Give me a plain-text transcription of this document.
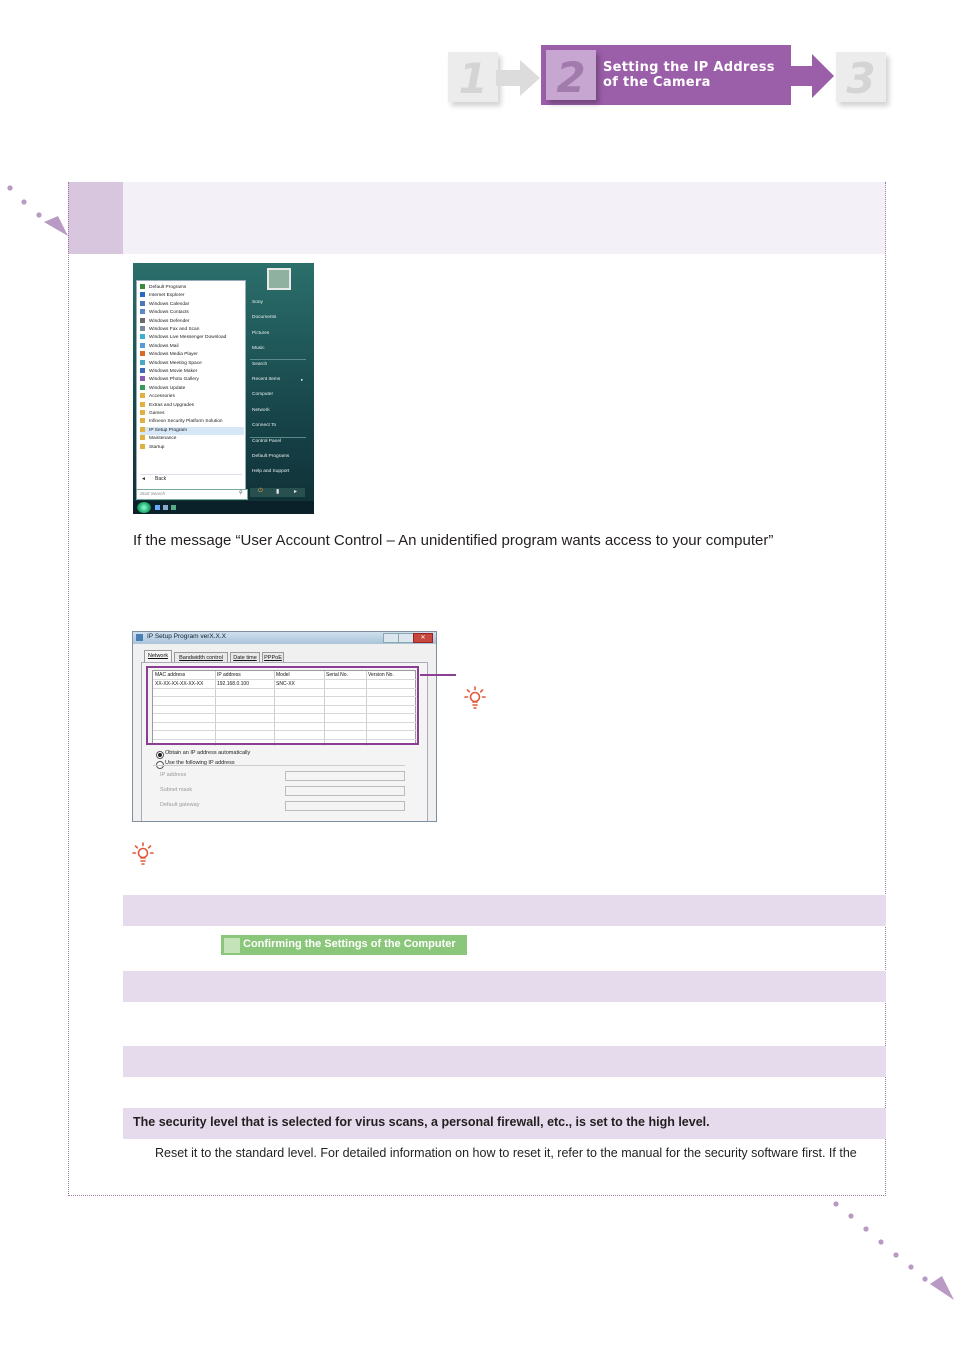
1 2	Setting the IP Address
of the Camera	3
Default Programs
Internet Explorer
Windows Calendar
Windows Contacts
Windows Defender
Windows Fax and Scan
Windows Live Messenger Download
Windows Mail
Windows Media Player
Windows Meeting Space
Windows Movie Maker
Windows Photo Gallery
Windows Update
Accessories
Extras and Upgrades
Games
Infineon Security Platform Solution
IP Setup Program
Maintenance
Startup
◄ Back
Start Search	⚲
Sony
Documents
Pictures
Music
Search
Recent Items
Computer
Network
Connect To
Control Panel
Default Programs
Help and Support
▸
⏻ ▮ ▸
If the message “User Account Control – An unidentified program wants access to your computer”
IP Setup Program verX.X.X	✕
Network	Bandwidth control	Date time	PPPoE
MAC address	IP address	Model	Serial No.	Version No.
XX-XX-XX-XX-XX-XX	192.168.0.100	SNC-XX
Obtain an IP address automatically
Use the following IP address
IP address
Subnet mask
Default gateway
Confirming the Settings of the Computer
The security level that is selected for virus scans, a personal firewall, etc., is set to the high level.
Reset it to the standard level. For detailed information on how to reset it, refer to the manual for the security software first. If the
